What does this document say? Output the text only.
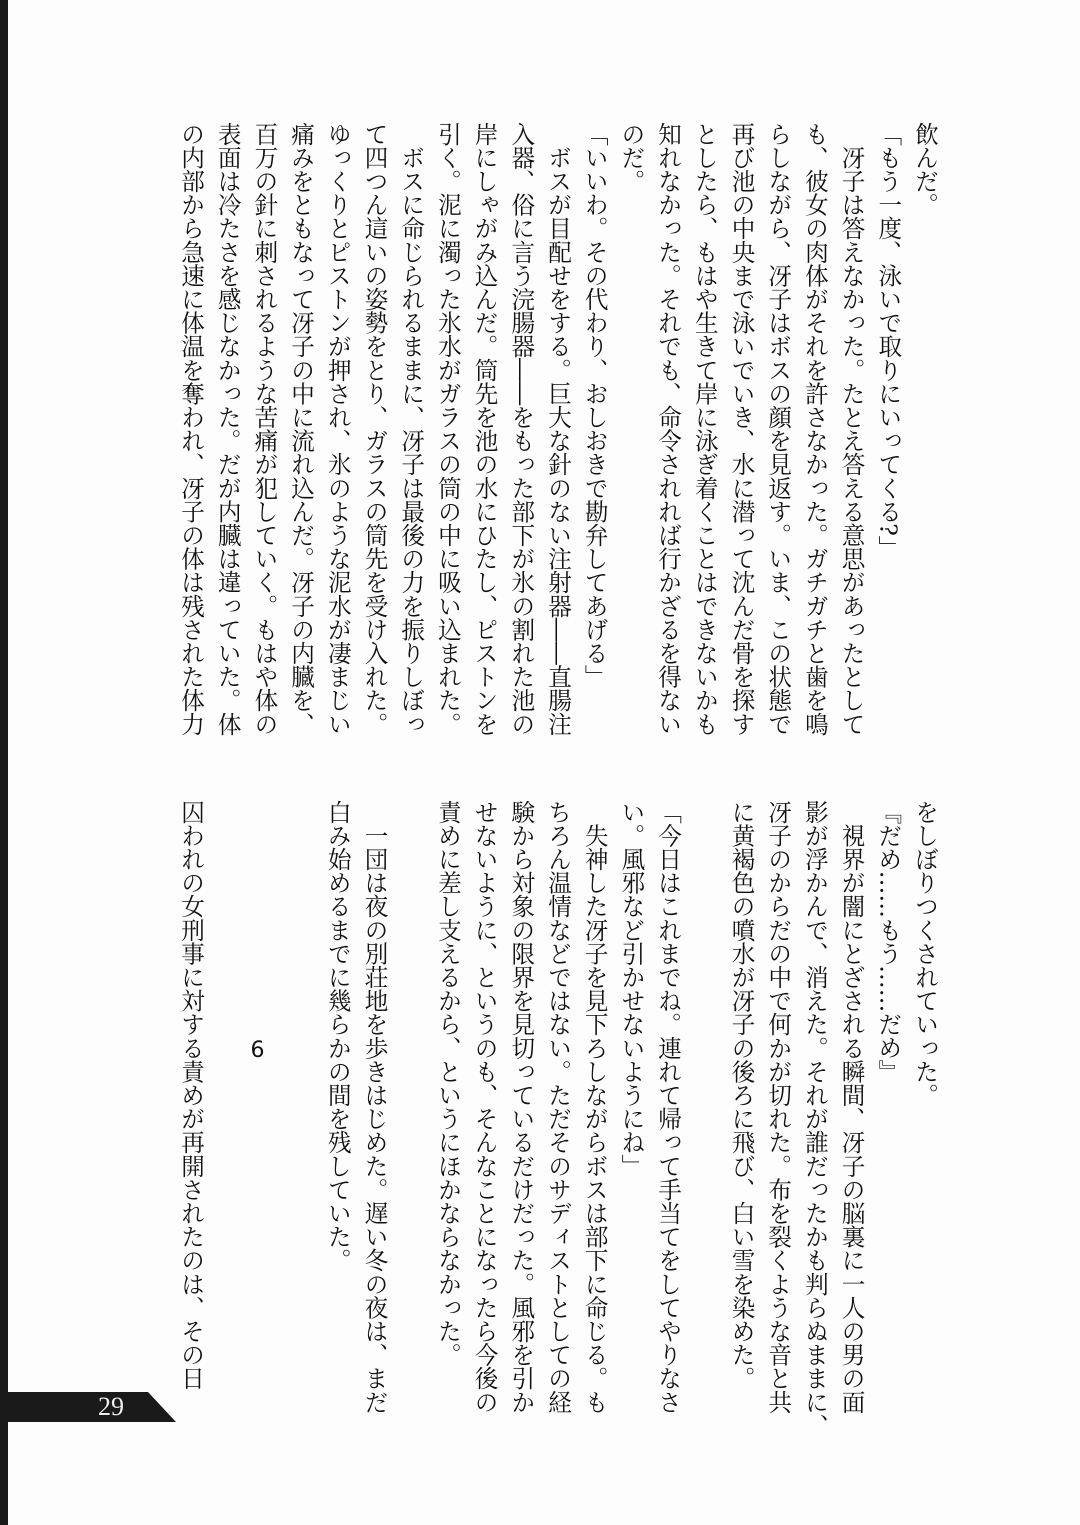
飲んだ。
「もう一度、泳いで取りにいってくる?」
　冴子は答えなかった。たとえ答える意思があったとして
も、彼女の肉体がそれを許さなかった。ガチガチと歯を鳴
らしながら、冴子はボスの顔を見返す。いま、この状態で
再び池の中央まで泳いでいき、水に潜って沈んだ骨を探す
としたら、もはや生きて岸に泳ぎ着くことはできないかも
知れなかった。それでも、命令されれば行かざるを得ない
のだ。
「いいわ。その代わり、おしおきで勘弁してあげる」
　ボスが目配せをする。巨大な針のない注射器――直腸注
入器、俗に言う浣腸器――をもった部下が氷の割れた池の
岸にしゃがみ込んだ。筒先を池の水にひたし、ピストンを
引く。泥に濁った氷水がガラスの筒の中に吸い込まれた。
　ボスに命じられるままに、冴子は最後の力を振りしぼっ
て四つん這いの姿勢をとり、ガラスの筒先を受け入れた。
ゆっくりとピストンが押され、氷のような泥水が凄まじい
痛みをともなって冴子の中に流れ込んだ。冴子の内臓を、
百万の針に刺されるような苦痛が犯していく。もはや体の
表面は冷たさを感じなかった。だが内臓は違っていた。体
の内部から急速に体温を奪われ、冴子の体は残された体力
をしぼりつくされていった。
『だめ……もう……だめ』
　視界が闇にとざされる瞬間、冴子の脳裏に一人の男の面
影が浮かんで、消えた。それが誰だったかも判らぬままに、
冴子のからだの中で何かが切れた。布を裂くような音と共
に黄褐色の噴水が冴子の後ろに飛び、白い雪を染めた。
「今日はこれまでね。連れて帰って手当てをしてやりなさ
い。風邪など引かせないようにね」
　失神した冴子を見下ろしながらボスは部下に命じる。も
ちろん温情などではない。ただそのサディストとしての経
験から対象の限界を見切っているだけだった。風邪を引か
せないように、というのも、そんなことになったら今後の
責めに差し支えるから、というにほかならなかった。
　一団は夜の別荘地を歩きはじめた。遅い冬の夜は、まだ
白み始めるまでに幾らかの間を残していた。
囚われの女刑事に対する責めが再開されたのは、その日 6
29
